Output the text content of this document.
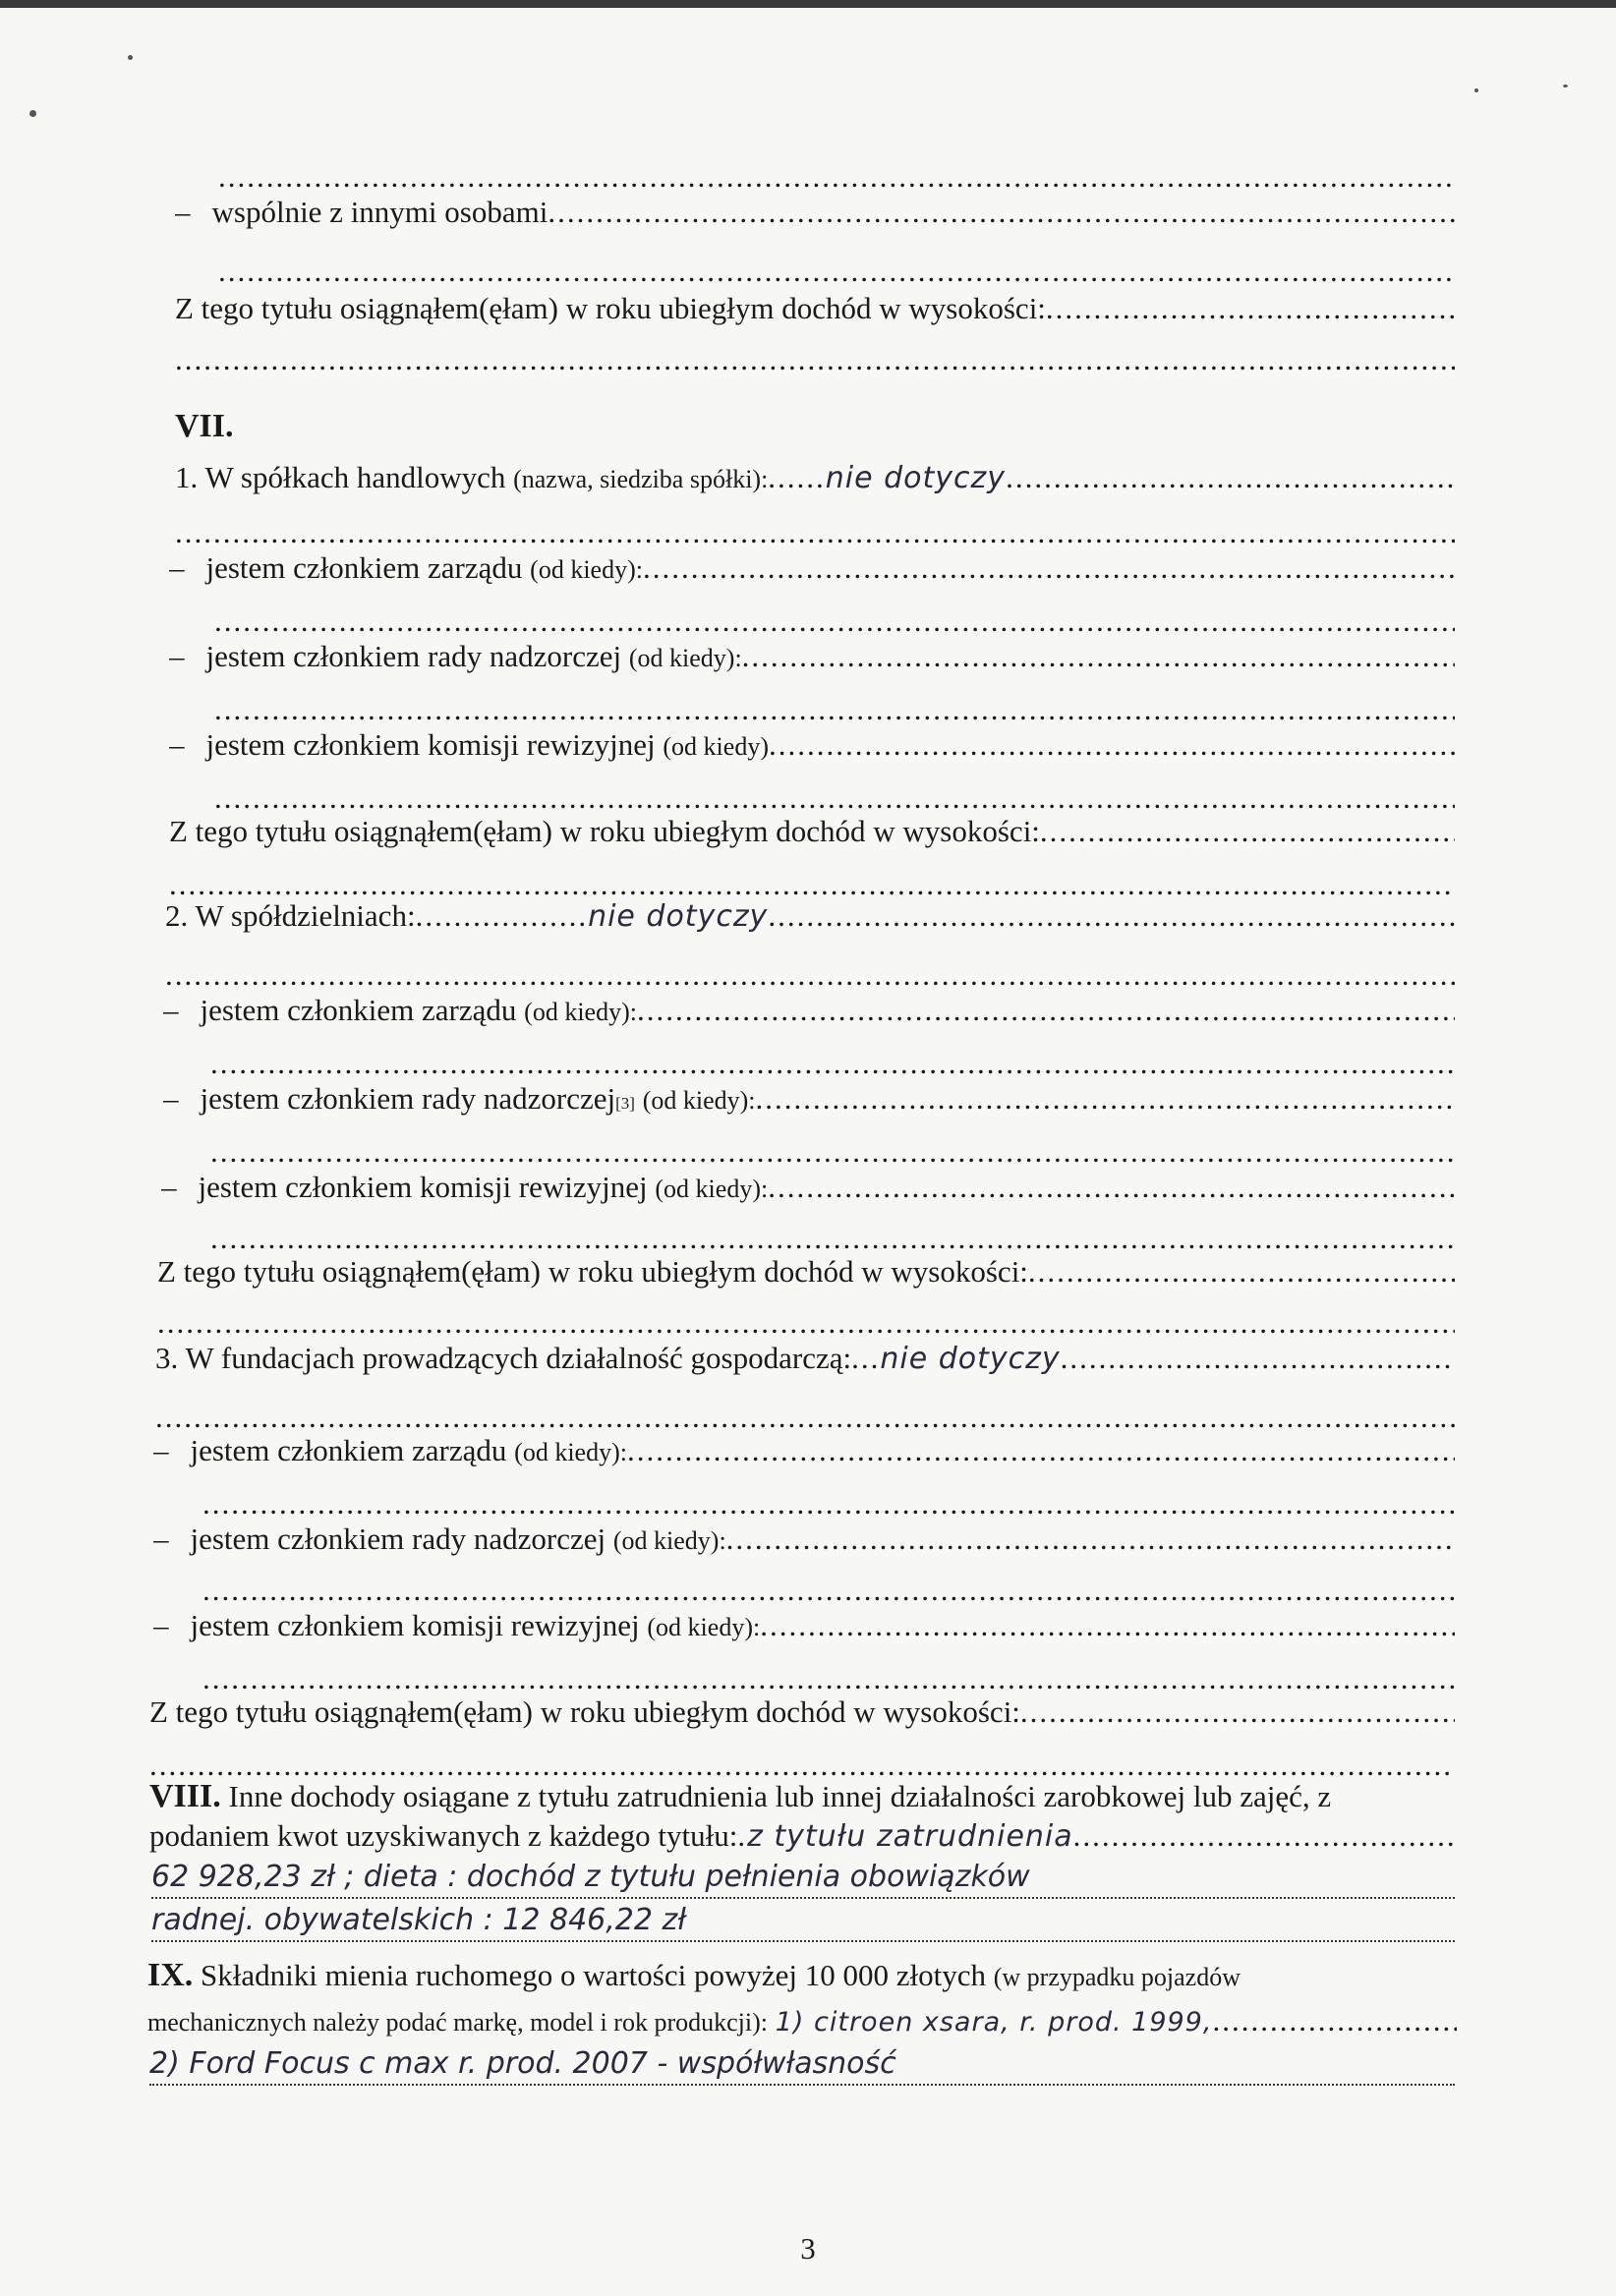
.....
– wspólnie z innymi osobami
.....
.....
Z tego tytułu osiągnąłem(ęłam) w roku ubiegłym dochód w wysokości:
.....
.....
VII.
1. W spółkach handlowych
(nazwa, siedziba spółki): ...... nie dotyczy
.....
.....
– jestem członkiem zarządu
(od kiedy):
.....
.....
– jestem członkiem rady nadzorczej
(od kiedy):
.....
.....
– jestem członkiem komisji rewizyjnej
(od kiedy)
.....
.....
Z tego tytułu osiągnąłem(ęłam) w roku ubiegłym dochód w wysokości:
.....
.....
2. W spółdzielniach: .................. nie dotyczy
.....
.....
– jestem członkiem zarządu
(od kiedy):
.....
.....
– jestem członkiem rady nadzorczej [3]
(od kiedy):
.....
.....
– jestem członkiem komisji rewizyjnej
(od kiedy):
.....
.....
Z tego tytułu osiągnąłem(ęłam) w roku ubiegłym dochód w wysokości:
.....
.....
3. W fundacjach prowadzących działalność gospodarczą: ... nie dotyczy
.....
.....
– jestem członkiem zarządu
(od kiedy):
.....
.....
– jestem członkiem rady nadzorczej
(od kiedy):
.....
.....
– jestem członkiem komisji rewizyjnej
(od kiedy):
.....
.....
Z tego tytułu osiągnąłem(ęłam) w roku ubiegłym dochód w wysokości:
.....
.....
VIII. Inne dochody osiągane z tytułu zatrudnienia lub innej działalności zarobkowej lub zajęć, z
podaniem kwot uzyskiwanych z każdego tytułu: . z tytułu zatrudnienia
.....
62 928,23 zł ; dieta : dochód z tytułu pełnienia obowiązków
radnej. obywatelskich : 12 846,22 zł
IX. Składniki mienia ruchomego o wartości powyżej 10 000 złotych (w przypadku pojazdów
mechanicznych należy podać markę, model i rok produkcji):
1) citroen xsara, r. prod. 1999,
.....
2) Ford Focus c max r. prod. 2007 - współwłasność
3
